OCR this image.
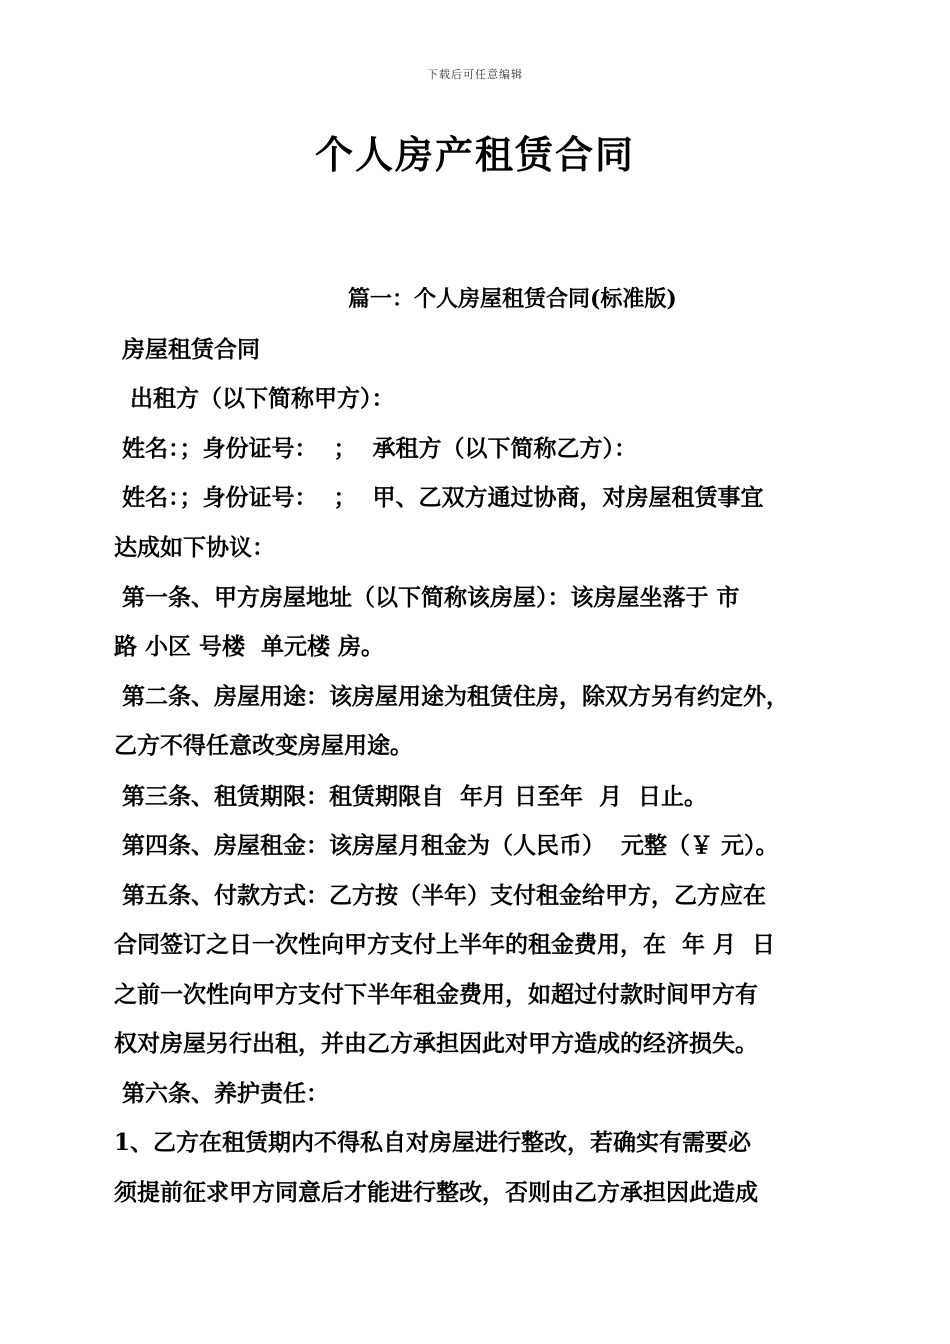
下载后可任意编辑
个人房产租赁合同
篇一：个人房屋租赁合同(标准版)
房屋租赁合同
出租方（以下简称甲方）：
姓名：；身份证号：  ；  承租方（以下简称乙方）：
姓名：；身份证号：  ；  甲、乙双方通过协商，对房屋租赁事宜
达成如下协议：
第一条、甲方房屋地址（以下简称该房屋）：该房屋坐落于 市
路 小区 号楼  单元楼 房。
第二条、房屋用途：该房屋用途为租赁住房，除双方另有约定外，
乙方不得任意改变房屋用途。
第三条、租赁期限：租赁期限自  年月 日至年  月  日止。
第四条、房屋租金：该房屋月租金为（人民币）  元整（￥ 元）。
第五条、付款方式：乙方按（半年）支付租金给甲方，乙方应在
合同签订之日一次性向甲方支付上半年的租金费用，在  年 月  日
之前一次性向甲方支付下半年租金费用，如超过付款时间甲方有
权对房屋另行出租，并由乙方承担因此对甲方造成的经济损失。
第六条、养护责任：
1、乙方在租赁期内不得私自对房屋进行整改，若确实有需要必
须提前征求甲方同意后才能进行整改，否则由乙方承担因此造成
